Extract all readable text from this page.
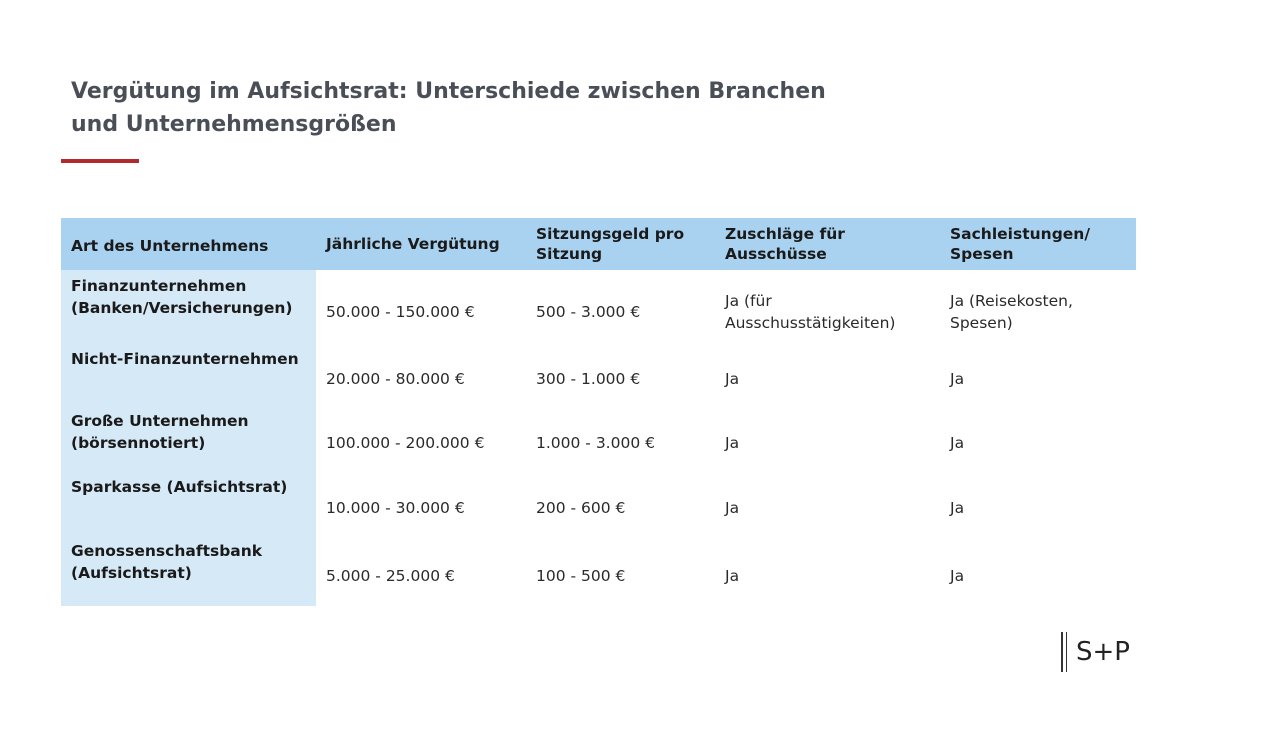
Vergütung im Aufsichtsrat: Unterschiede zwischen Branchen und Unternehmensgrößen
Art des Unternehmens	Jährliche Vergütung	Sitzungsgeld pro Sitzung	Zuschläge für Ausschüsse	Sachleistungen/ Spesen
Finanzunternehmen (Banken/Versicherungen)	50.000 - 150.000 €	500 - 3.000 €	Ja (für Ausschusstätigkeiten)	Ja (Reisekosten, Spesen)
Nicht-Finanzunternehmen	20.000 - 80.000 €	300 - 1.000 €	Ja	Ja
Große Unternehmen (börsennotiert)	100.000 - 200.000 €	1.000 - 3.000 €	Ja	Ja
Sparkasse (Aufsichtsrat)	10.000 - 30.000 €	200 - 600 €	Ja	Ja
Genossenschaftsbank (Aufsichtsrat)	5.000 - 25.000 €	100 - 500 €	Ja	Ja
S+P
